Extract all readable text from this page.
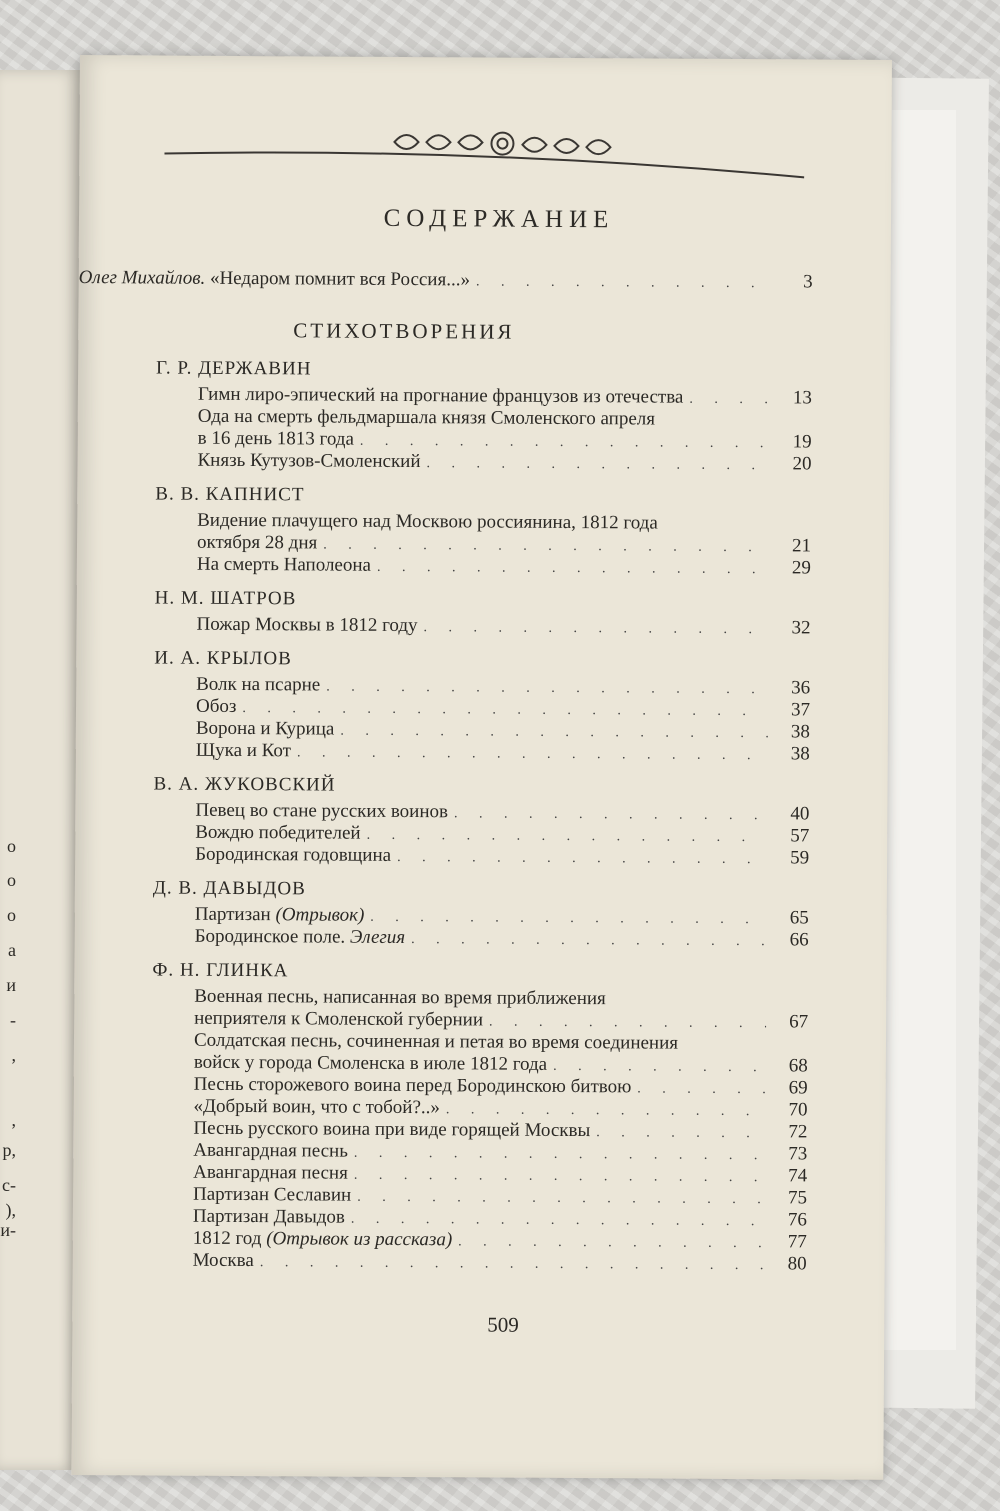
о
о
о
а
и
-
,
,
р,
с-
),
и-
СОДЕРЖАНИЕ
Олег Михайлов. «Недаром помнит вся Россия...» . . .	3
СТИХОТВОРЕНИЯ
509
Г. Р. ДЕРЖАВИН
Гимн лиро-эпический на прогнание французов из отечества . . .	13
Ода на смерть фельдмаршала князя Смоленского апреля
в 16 день 1813 года . . .	19
Князь Кутузов-Смоленский . . .	20
В. В. КАПНИСТ
Видение плачущего над Москвою россиянина, 1812 года
октября 28 дня . . .	21
На смерть Наполеона . . .	29
Н. М. ШАТРОВ
Пожар Москвы в 1812 году . . .	32
И. А. КРЫЛОВ
Волк на псарне . . .	36
Обоз . . .	37
Ворона и Курица . . .	38
Щука и Кот . . .	38
В. А. ЖУКОВСКИЙ
Певец во стане русских воинов . . .	40
Вождю победителей . . .	57
Бородинская годовщина . . .	59
Д. В. ДАВЫДОВ
Партизан (Отрывок) . . .	65
Бородинское поле. Элегия . . .	66
Ф. Н. ГЛИНКА
Военная песнь, написанная во время приближения
неприятеля к Смоленской губернии . . .	67
Солдатская песнь, сочиненная и петая во время соединения
войск у города Смоленска в июле 1812 года . . .	68
Песнь сторожевого воина перед Бородинскою битвою . . .	69
«Добрый воин, что с тобой?..» . . .	70
Песнь русского воина при виде горящей Москвы . . .	72
Авангардная песнь . . .	73
Авангардная песня . . .	74
Партизан Сеславин . . .	75
Партизан Давыдов . . .	76
1812 год (Отрывок из рассказа) . . .	77
Москва . . .	80
